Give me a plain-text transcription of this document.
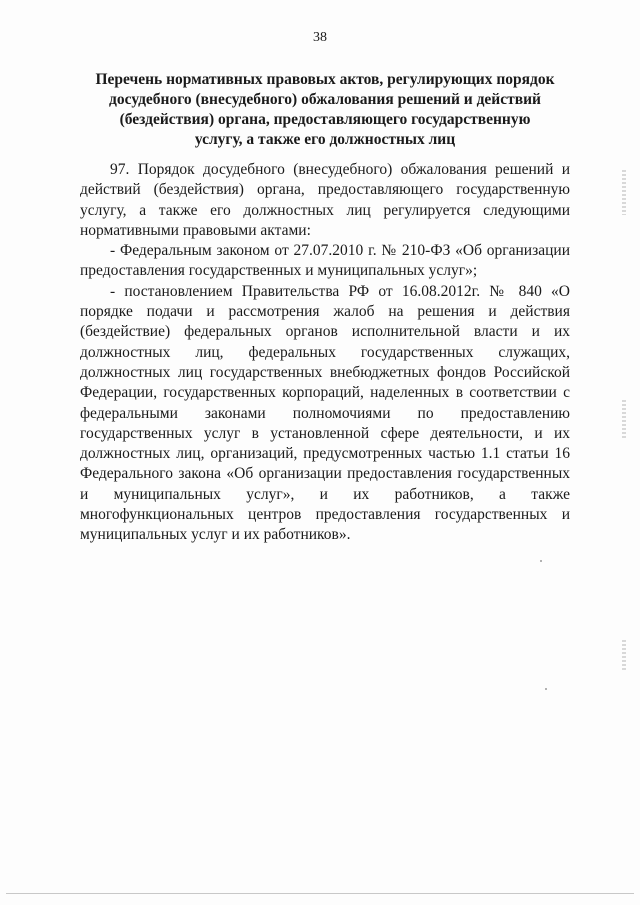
38
Перечень нормативных правовых актов, регулирующих порядок
досудебного (внесудебного) обжалования решений и действий
(бездействия) органа, предоставляющего государственную
услугу, а также его должностных лиц

97. Порядок досудебного (внесудебного) обжалования решений и действий (бездействия) органа, предоставляющего государственную услугу, а также его должностных лиц регулируется следующими нормативными правовыми актами:

- Федеральным законом от 27.07.2010 г. № 210-ФЗ «Об организации предоставления государственных и муниципальных услуг»;

- постановлением Правительства РФ от 16.08.2012г. № 840 «О порядке подачи и рассмотрения жалоб на решения и действия (бездействие) федеральных органов исполнительной власти и их должностных лиц, федеральных государственных служащих, должностных лиц государственных внебюджетных фондов Российской Федерации, государственных корпораций, наделенных в соответствии с федеральными законами полномочиями по предоставлению государственных услуг в установленной сфере деятельности, и их должностных лиц, организаций, предусмотренных частью 1.1 статьи 16 Федерального закона «Об организации предоставления государственных и муниципальных услуг», и их работников, а также многофункциональных центров предоставления государственных и муниципальных услуг и их работников».
